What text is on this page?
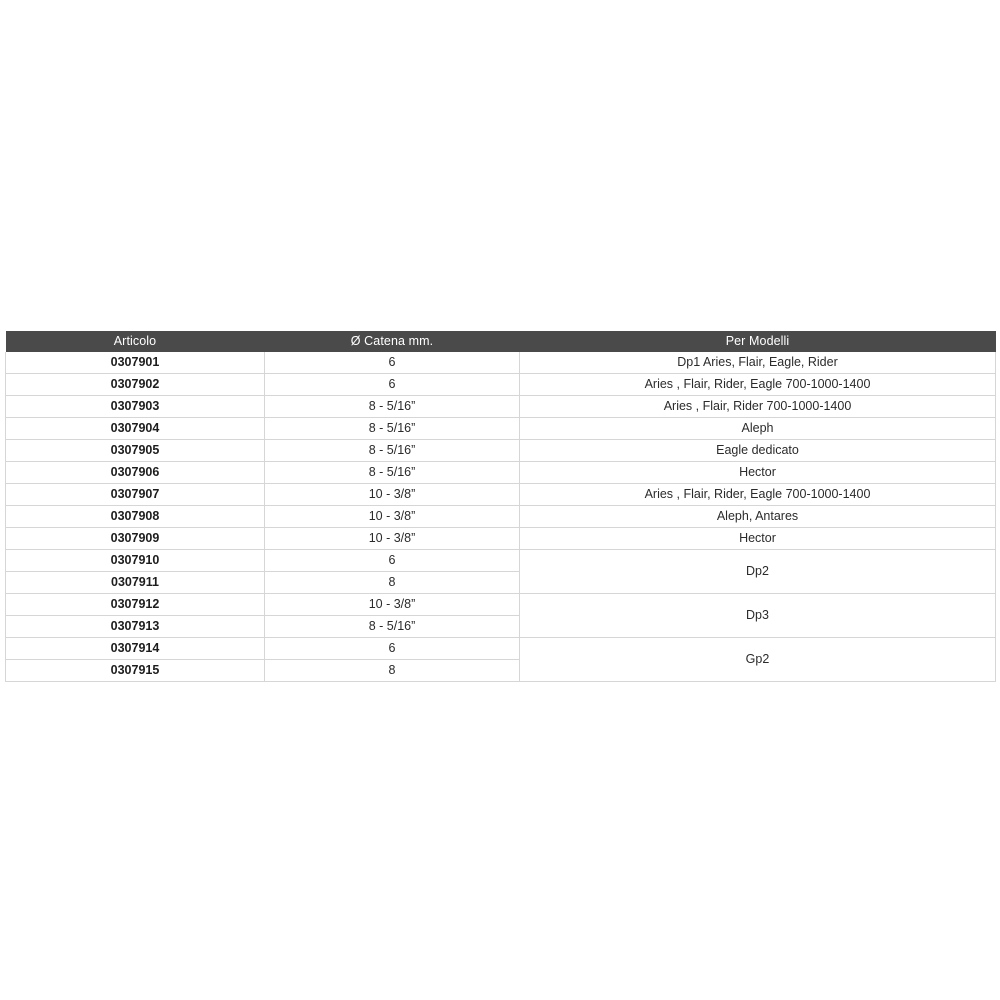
Articolo	Ø Catena mm.	Per Modelli
0307901	6	Dp1 Aries, Flair, Eagle, Rider
0307902	6	Aries , Flair, Rider, Eagle 700-1000-1400
0307903	8 - 5/16”	Aries , Flair, Rider 700-1000-1400
0307904	8 - 5/16”	Aleph
0307905	8 - 5/16”	Eagle dedicato
0307906	8 - 5/16”	Hector
0307907	10 - 3/8”	Aries , Flair, Rider, Eagle 700-1000-1400
0307908	10 - 3/8”	Aleph, Antares
0307909	10 - 3/8”	Hector
0307910	6	Dp2
0307911	8	
0307912	10 - 3/8”	Dp3
0307913	8 - 5/16”	
0307914	6	Gp2
0307915	8	
